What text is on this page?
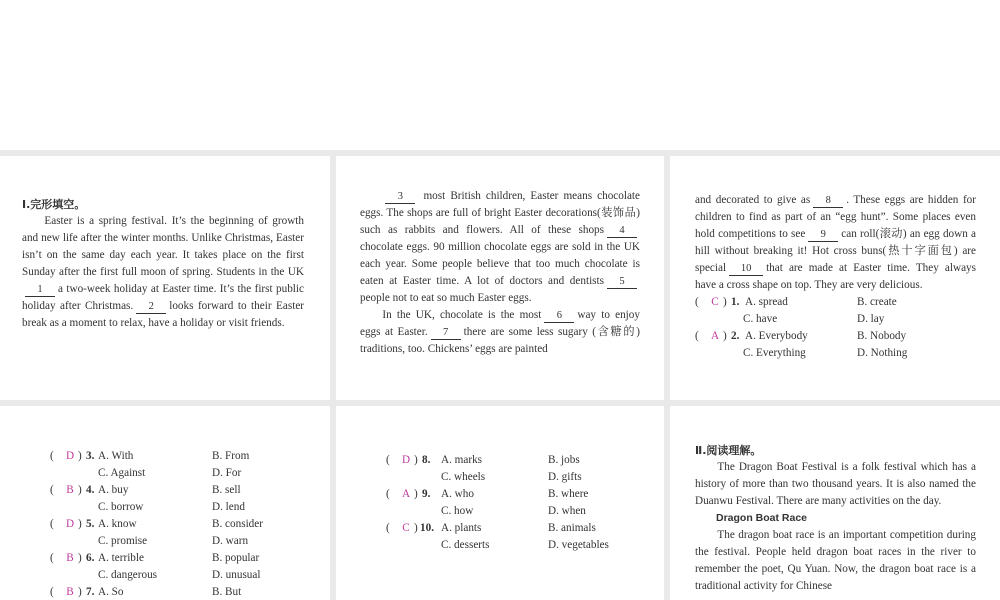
Ⅰ.完形填空。

Easter is a spring festival. It’s the beginning of growth and new life after the winter months. Unlike Christmas, Easter isn’t on the same day each year. It takes place on the first Sunday after the first full moon of spring. Students in the UK1 a two-week holiday at Easter time. It’s the first public holiday after Christmas. 2 looks forward to their Easter break as a moment to relax, have a holiday or visit friends.

3 most British children, Easter means chocolate eggs. The shops are full of bright Easter decorations(装饰品) such as rabbits and flowers. All of these shops 4chocolate eggs. 90 million chocolate eggs are sold in the UK each year. Some people believe that too much chocolate is eaten at Easter time. A lot of doctors and dentists 5people not to eat so much Easter eggs.

In the UK, chocolate is the most 6 way to enjoy eggs at Easter. 7 there are some less sugary (含糖的) traditions, too. Chickens’ eggs are painted

and decorated to give as 8 . These eggs are hidden for children to find as part of an “egg hunt”. Some places even hold competitions to see 9 can roll(滚动) an egg down a hill without breaking it! Hot cross buns(热十字面包) are special 10 that are made at Easter time. They always have a cross shape on top. They are very delicious.

(	C ) 1. A. spread	B. create
C. have	D. lay
(	A ) 2. A. Everybody	B. Nobody
C. Everything	D. Nothing
(	D ) 3. A. With	B. From
C. Against	D. For
(	B ) 4. A. buy	B. sell
C. borrow	D. lend
(	D ) 5. A. know	B. consider
C. promise	D. warn
(	B ) 6. A. terrible	B. popular
C. dangerous	D. unusual
(	B ) 7. A. So	B. But
(	D ) 8. A. marks	B. jobs
C. wheels	D. gifts
(	A ) 9. A. who	B. where
C. how	D. when
(	C ) 10. A. plants	B. animals
C. desserts	D. vegetables
Ⅱ.阅读理解。

The Dragon Boat Festival is a folk festival which has a history of more than two thousand years. It is also named the Duanwu Festival. There are many activities on the day.

Dragon Boat Race

The dragon boat race is an important competition during the festival. People held dragon boat races in the river to remember the poet, Qu Yuan. Now, the dragon boat race is a traditional activity for Chinese
